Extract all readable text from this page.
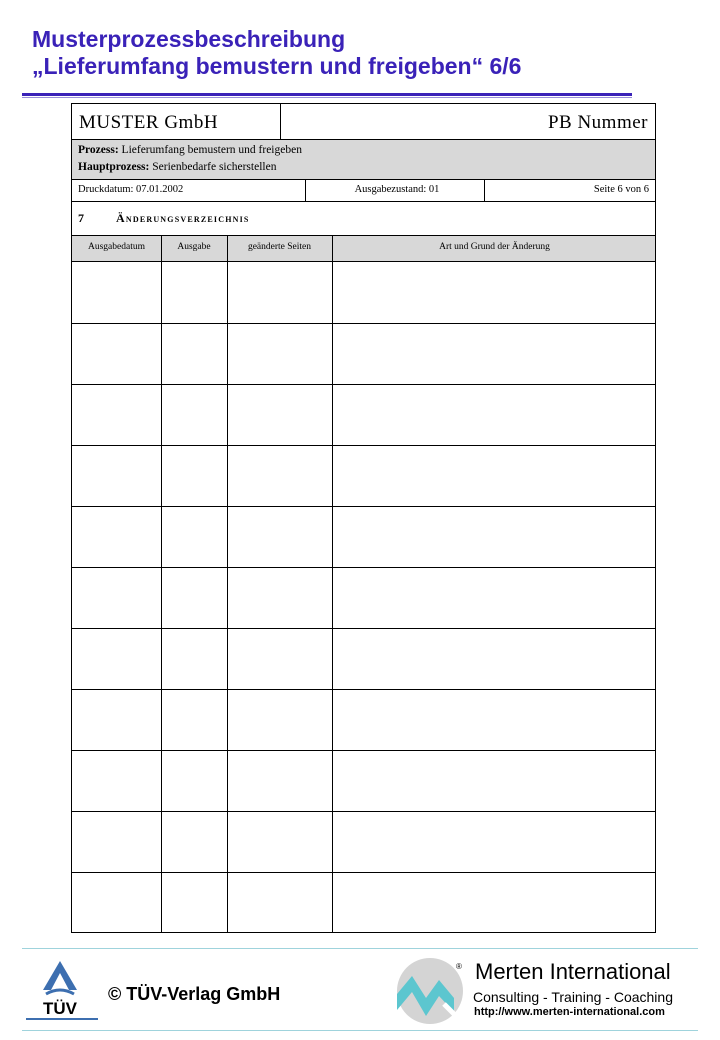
Musterprozessbeschreibung
„Lieferumfang bemustern und freigeben“ 6/6
MUSTER GmbH	PB Nummer
Prozess: Lieferumfang bemustern und freigeben
Hauptprozess: Serienbedarfe sicherstellen
Druckdatum: 07.01.2002	Ausgabezustand: 01	Seite 6 von 6
7	Änderungsverzeichnis
Ausgabedatum	Ausgabe	geänderte Seiten	Art und Grund der Änderung
TÜV
© TÜV-Verlag GmbH
® Merten International
Consulting - Training - Coaching
http://www.merten-international.com
